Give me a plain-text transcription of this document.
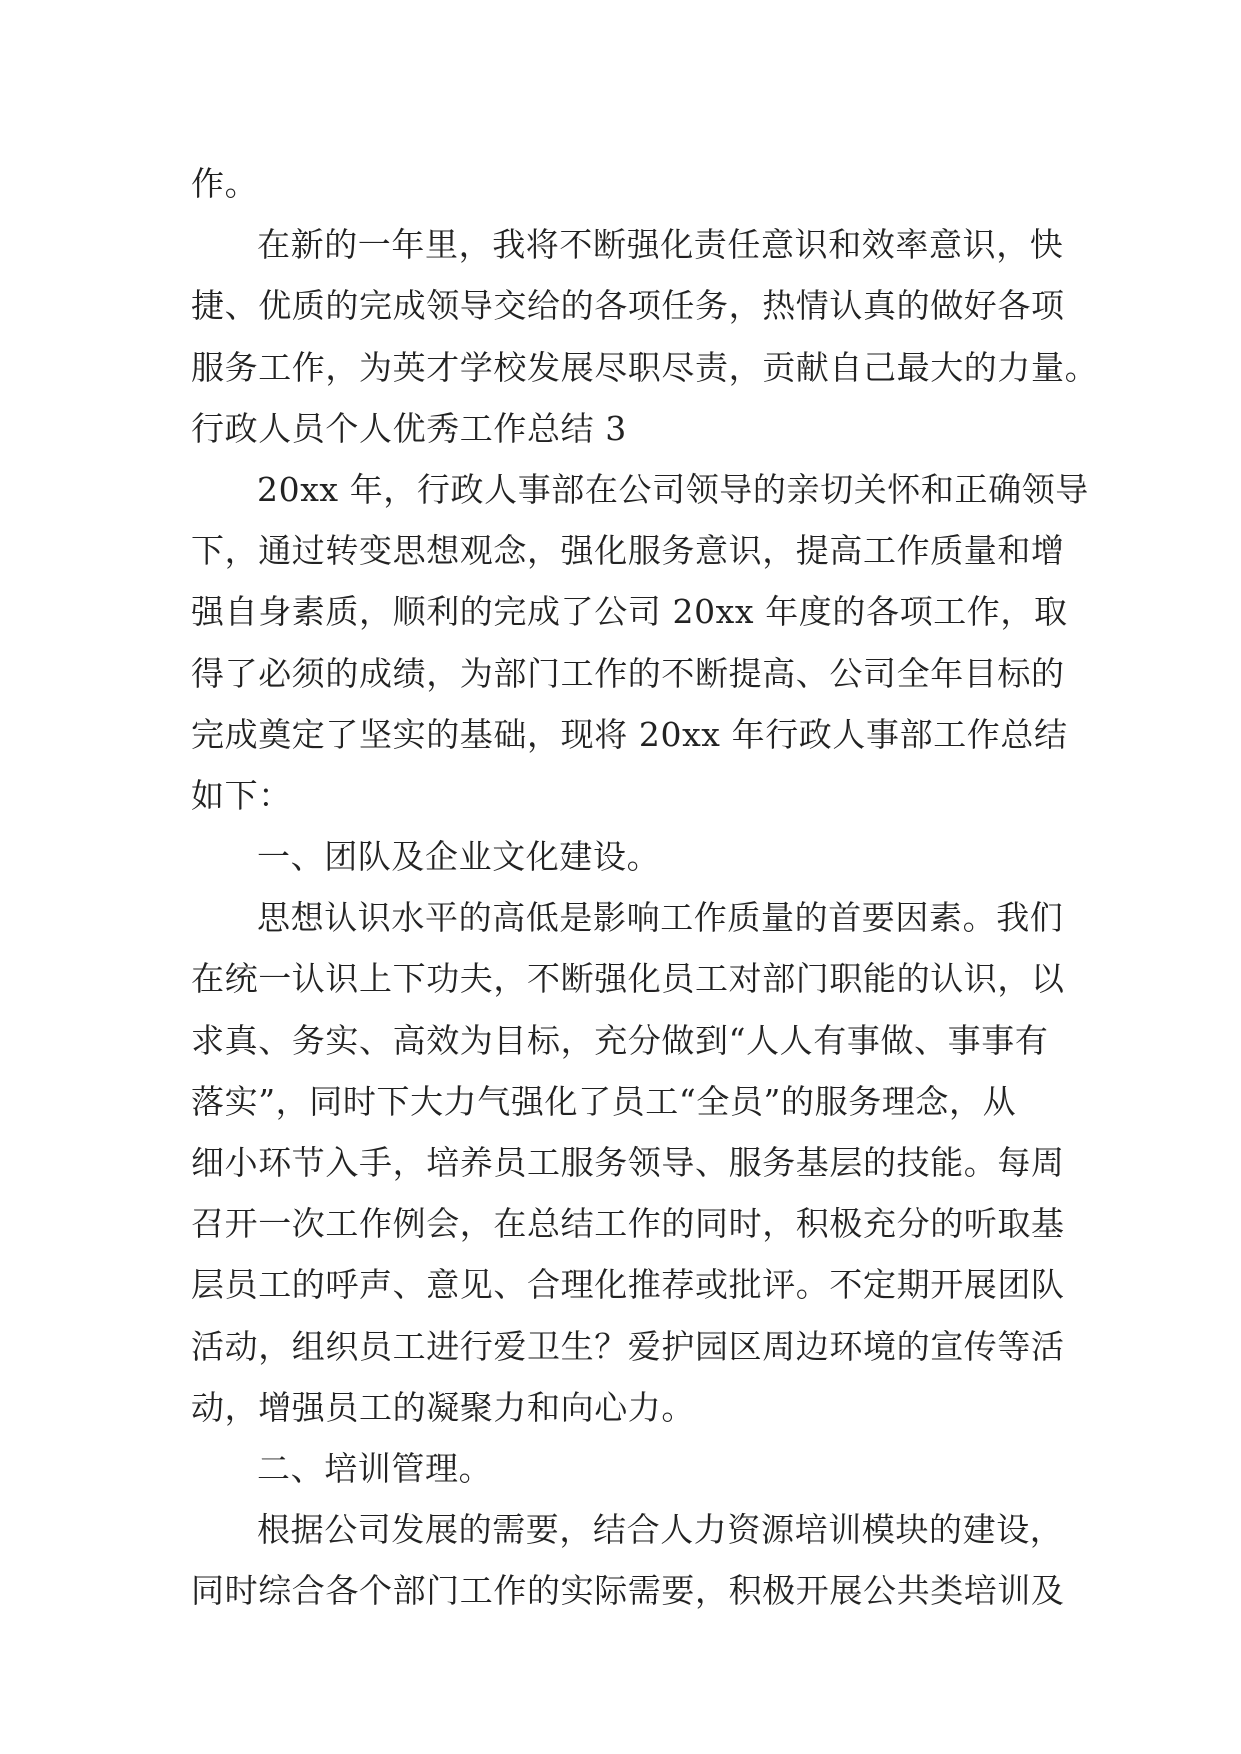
作。
在新的一年里，我将不断强化责任意识和效率意识，快
捷、优质的完成领导交给的各项任务，热情认真的做好各项
服务工作，为英才学校发展尽职尽责，贡献自己最大的力量。
行政人员个人优秀工作总结 3
20xx 年，行政人事部在公司领导的亲切关怀和正确领导
下，通过转变思想观念，强化服务意识，提高工作质量和增
强自身素质，顺利的完成了公司 20xx 年度的各项工作，取
得了必须的成绩，为部门工作的不断提高、公司全年目标的
完成奠定了坚实的基础，现将 20xx 年行政人事部工作总结
如下：
一、团队及企业文化建设。
思想认识水平的高低是影响工作质量的首要因素。我们
在统一认识上下功夫，不断强化员工对部门职能的认识，以
求真、务实、高效为目标，充分做到“人人有事做、事事有
落实”，同时下大力气强化了员工“全员”的服务理念，从
细小环节入手，培养员工服务领导、服务基层的技能。每周
召开一次工作例会，在总结工作的同时，积极充分的听取基
层员工的呼声、意见、合理化推荐或批评。不定期开展团队
活动，组织员工进行爱卫生？爱护园区周边环境的宣传等活
动，增强员工的凝聚力和向心力。
二、培训管理。
根据公司发展的需要，结合人力资源培训模块的建设，
同时综合各个部门工作的实际需要，积极开展公共类培训及
